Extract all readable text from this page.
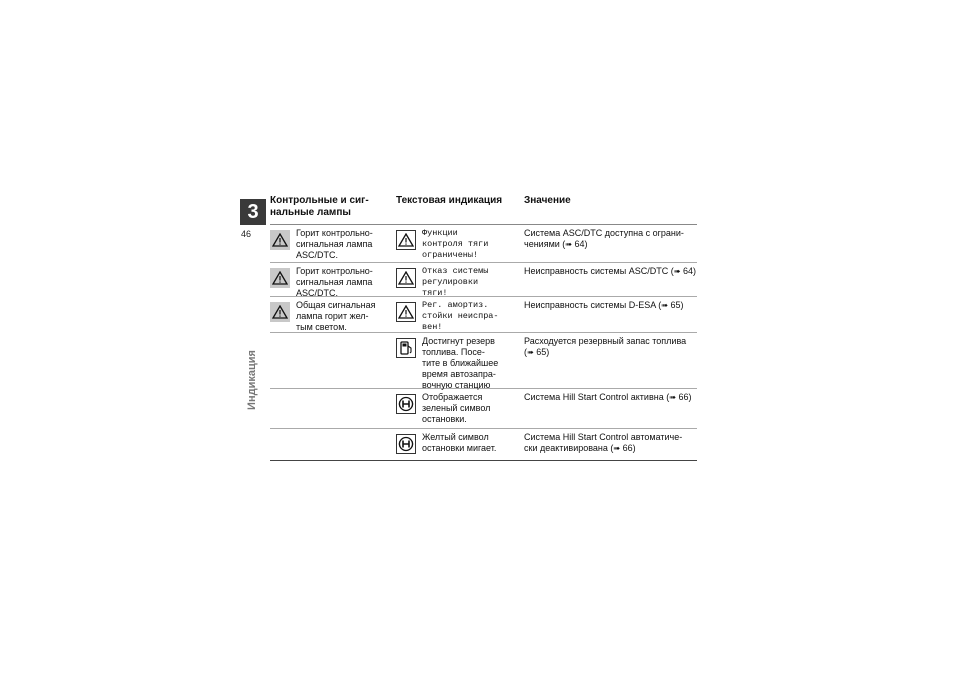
3
46
Индикация
Контрольные и сиг-
нальные лампы
Текстовая индикация	Значение
Горит контрольно-
сигнальная лампа
ASC/DTC.
Функции
контроля тяги
ограничены!
Система ASC/DTC доступна с ограни-
чениями (➠ 64)
Горит контрольно-
сигнальная лампа
ASC/DTC.
Отказ системы
регулировки
тяги!
Неисправность системы ASC/DTC (➠ 64)
Общая сигнальная
лампа горит жел-
тым светом.
Рег. амортиз.
стойки неиспра-
вен!
Неисправность системы D-ESA (➠ 65)
Достигнут резерв
топлива. Посе-
тите в ближайшее
время автозапра-
вочную станцию
Расходуется резервный запас топлива (➠ 65)
Отображается
зеленый символ
остановки.
Система Hill Start Control активна (➠ 66)
Желтый символ
остановки мигает.
Система Hill Start Control автоматиче-
ски деактивирована (➠ 66)
